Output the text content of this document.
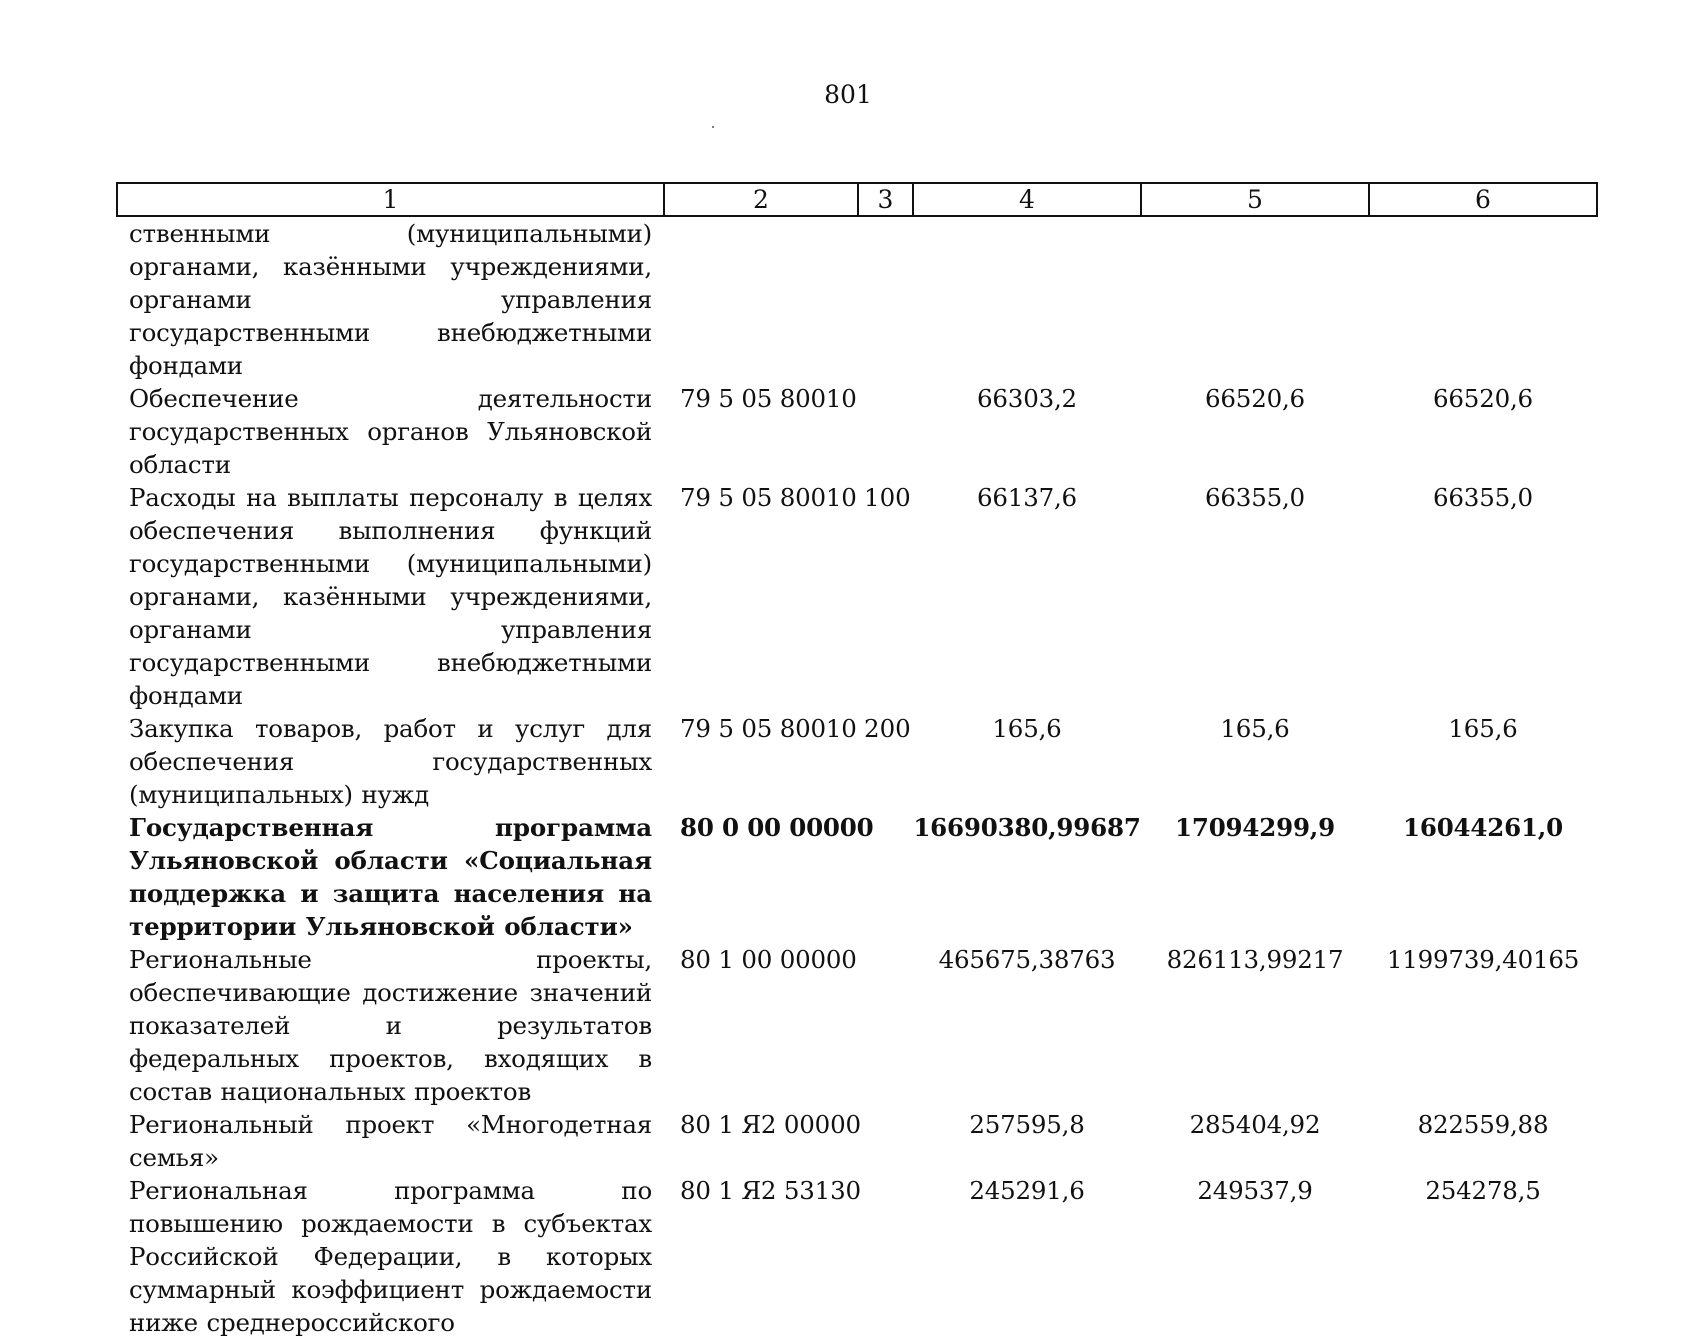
801
1	2	3	4	5	6
ственными (муниципальными) органами, казёнными учреждениями, органами управления государственными внебюджетными фондами					
Обеспечение деятельности государственных органов Ульяновской области	79 5 05 80010		66303,2	66520,6	66520,6
Расходы на выплаты персоналу в целях обеспечения выполнения функций государственными (муниципальными) органами, казёнными учреждениями, органами управления государственными внебюджетными фондами	79 5 05 80010	100	66137,6	66355,0	66355,0
Закупка товаров, работ и услуг для обеспечения государственных (муниципальных) нужд	79 5 05 80010	200	165,6	165,6	165,6
Государственная программа Ульяновской области «Социальная поддержка и защита населения на территории Ульяновской области»	80 0 00 00000		16690380,99687	17094299,9	16044261,0
Региональные проекты, обеспечивающие достижение значений показателей и результатов федеральных проектов, входящих в состав национальных проектов	80 1 00 00000		465675,38763	826113,99217	1199739,40165
Региональный проект «Многодетная семья»	80 1 Я2 00000		257595,8	285404,92	822559,88
Региональная программа по повышению рождаемости в субъектах Российской Федерации, в которых суммарный коэффициент рождаемости ниже среднероссийского	80 1 Я2 53130		245291,6	249537,9	254278,5
